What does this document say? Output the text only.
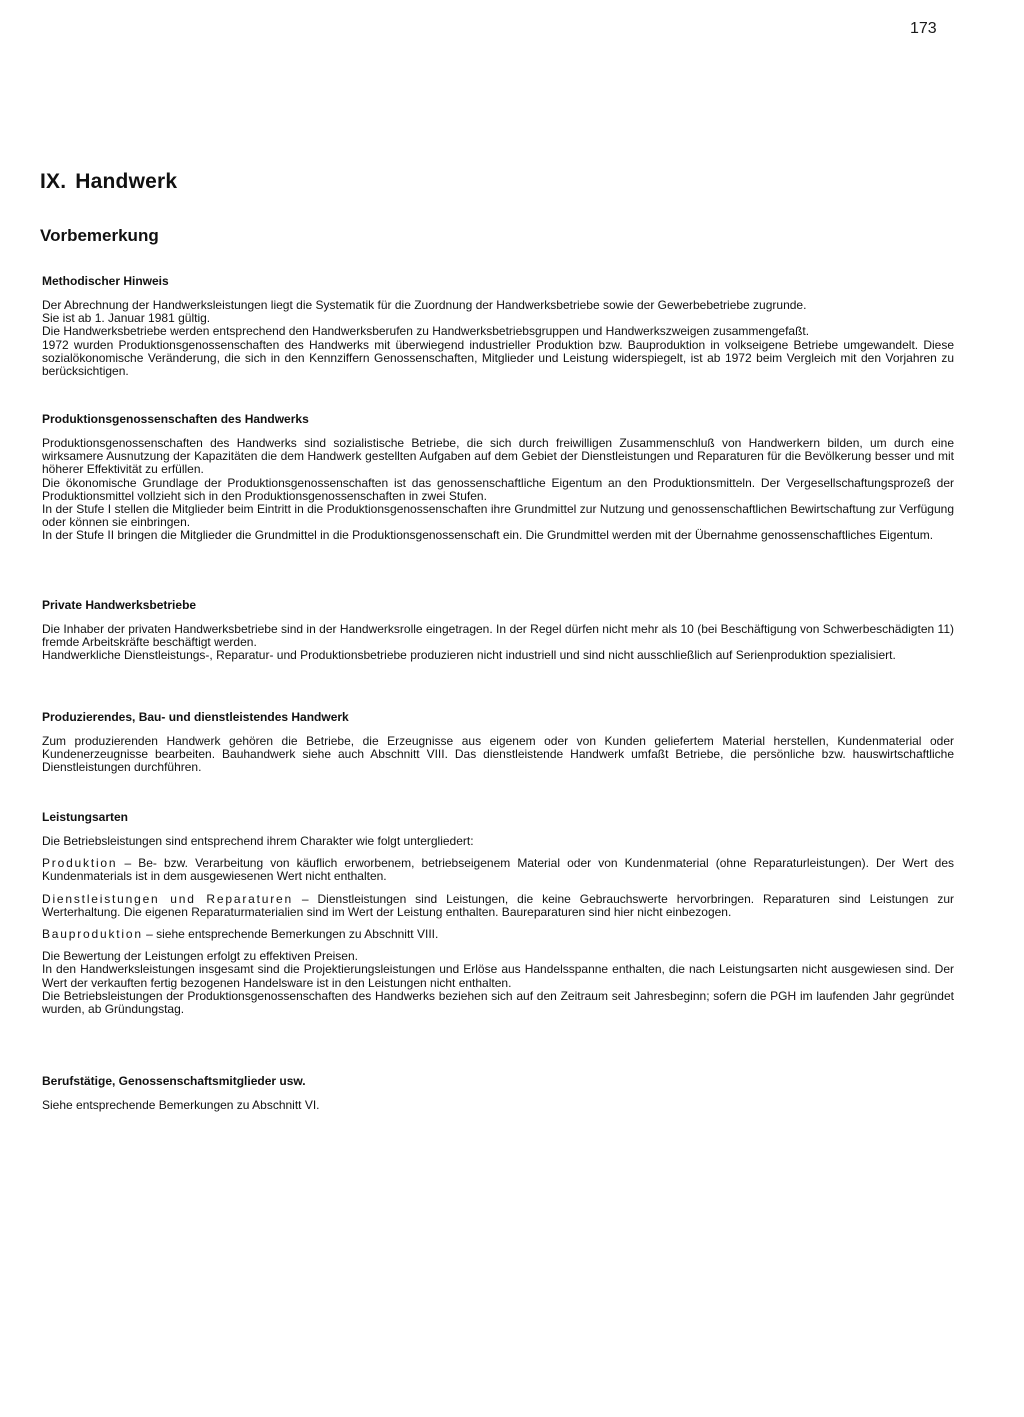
173
IX. Handwerk
Vorbemerkung
Methodischer Hinweis

Der Abrechnung der Handwerksleistungen liegt die Systematik für die Zuordnung der Handwerksbetriebe sowie der Gewerbebetriebe zugrunde.

Sie ist ab 1. Januar 1981 gültig.

Die Handwerksbetriebe werden entsprechend den Handwerksberufen zu Handwerksbetriebsgruppen und Handwerkszweigen zusammengefaßt.

1972 wurden Produktionsgenossenschaften des Handwerks mit überwiegend industrieller Produktion bzw. Bauproduktion in volkseigene Betriebe umgewandelt. Diese sozialökonomische Veränderung, die sich in den Kennziffern Genossenschaften, Mitglieder und Leistung widerspiegelt, ist ab 1972 beim Vergleich mit den Vorjahren zu berücksichtigen.

Produktionsgenossenschaften des Handwerks

Produktionsgenossenschaften des Handwerks sind sozialistische Betriebe, die sich durch freiwilligen Zusammenschluß von Handwerkern bilden, um durch eine wirksamere Ausnutzung der Kapazitäten die dem Handwerk gestellten Aufgaben auf dem Gebiet der Dienstleistungen und Reparaturen für die Bevölkerung besser und mit höherer Effektivität zu erfüllen.

Die ökonomische Grundlage der Produktionsgenossenschaften ist das genossenschaftliche Eigentum an den Produktionsmitteln. Der Vergesellschaftungsprozeß der Produktionsmittel vollzieht sich in den Produktionsgenossenschaften in zwei Stufen.

In der Stufe I stellen die Mitglieder beim Eintritt in die Produktionsgenossenschaften ihre Grundmittel zur Nutzung und genossenschaftlichen Bewirtschaftung zur Verfügung oder können sie einbringen.

In der Stufe II bringen die Mitglieder die Grundmittel in die Produktionsgenossenschaft ein. Die Grundmittel werden mit der Übernahme genossenschaftliches Eigentum.

Private Handwerksbetriebe

Die Inhaber der privaten Handwerksbetriebe sind in der Handwerksrolle eingetragen. In der Regel dürfen nicht mehr als 10 (bei Beschäftigung von Schwerbeschädigten 11) fremde Arbeitskräfte beschäftigt werden.

Handwerkliche Dienstleistungs-, Reparatur- und Produktionsbetriebe produzieren nicht industriell und sind nicht ausschließlich auf Serienproduktion spezialisiert.

Produzierendes, Bau- und dienstleistendes Handwerk

Zum produzierenden Handwerk gehören die Betriebe, die Erzeugnisse aus eigenem oder von Kunden geliefertem Material herstellen, Kundenmaterial oder Kundenerzeugnisse bearbeiten. Bauhandwerk siehe auch Abschnitt VIII. Das dienstleistende Handwerk umfaßt Betriebe, die persönliche bzw. hauswirtschaftliche Dienstleistungen durchführen.

Leistungsarten

Die Betriebsleistungen sind entsprechend ihrem Charakter wie folgt untergliedert:

Produktion – Be- bzw. Verarbeitung von käuflich erworbenem, betriebseigenem Material oder von Kundenmaterial (ohne Reparaturleistungen). Der Wert des Kundenmaterials ist in dem ausgewiesenen Wert nicht enthalten.

Dienstleistungen und Reparaturen – Dienstleistungen sind Leistungen, die keine Gebrauchswerte hervorbringen. Reparaturen sind Leistungen zur Werterhaltung. Die eigenen Reparaturmaterialien sind im Wert der Leistung enthalten. Baureparaturen sind hier nicht einbezogen.

Bauproduktion – siehe entsprechende Bemerkungen zu Abschnitt VIII.

Die Bewertung der Leistungen erfolgt zu effektiven Preisen.

In den Handwerksleistungen insgesamt sind die Projektierungsleistungen und Erlöse aus Handelsspanne enthalten, die nach Leistungsarten nicht ausgewiesen sind. Der Wert der verkauften fertig bezogenen Handelsware ist in den Leistungen nicht enthalten.

Die Betriebsleistungen der Produktionsgenossenschaften des Handwerks beziehen sich auf den Zeitraum seit Jahresbeginn; sofern die PGH im laufenden Jahr gegründet wurden, ab Gründungstag.

Berufstätige, Genossenschaftsmitglieder usw.

Siehe entsprechende Bemerkungen zu Abschnitt VI.
